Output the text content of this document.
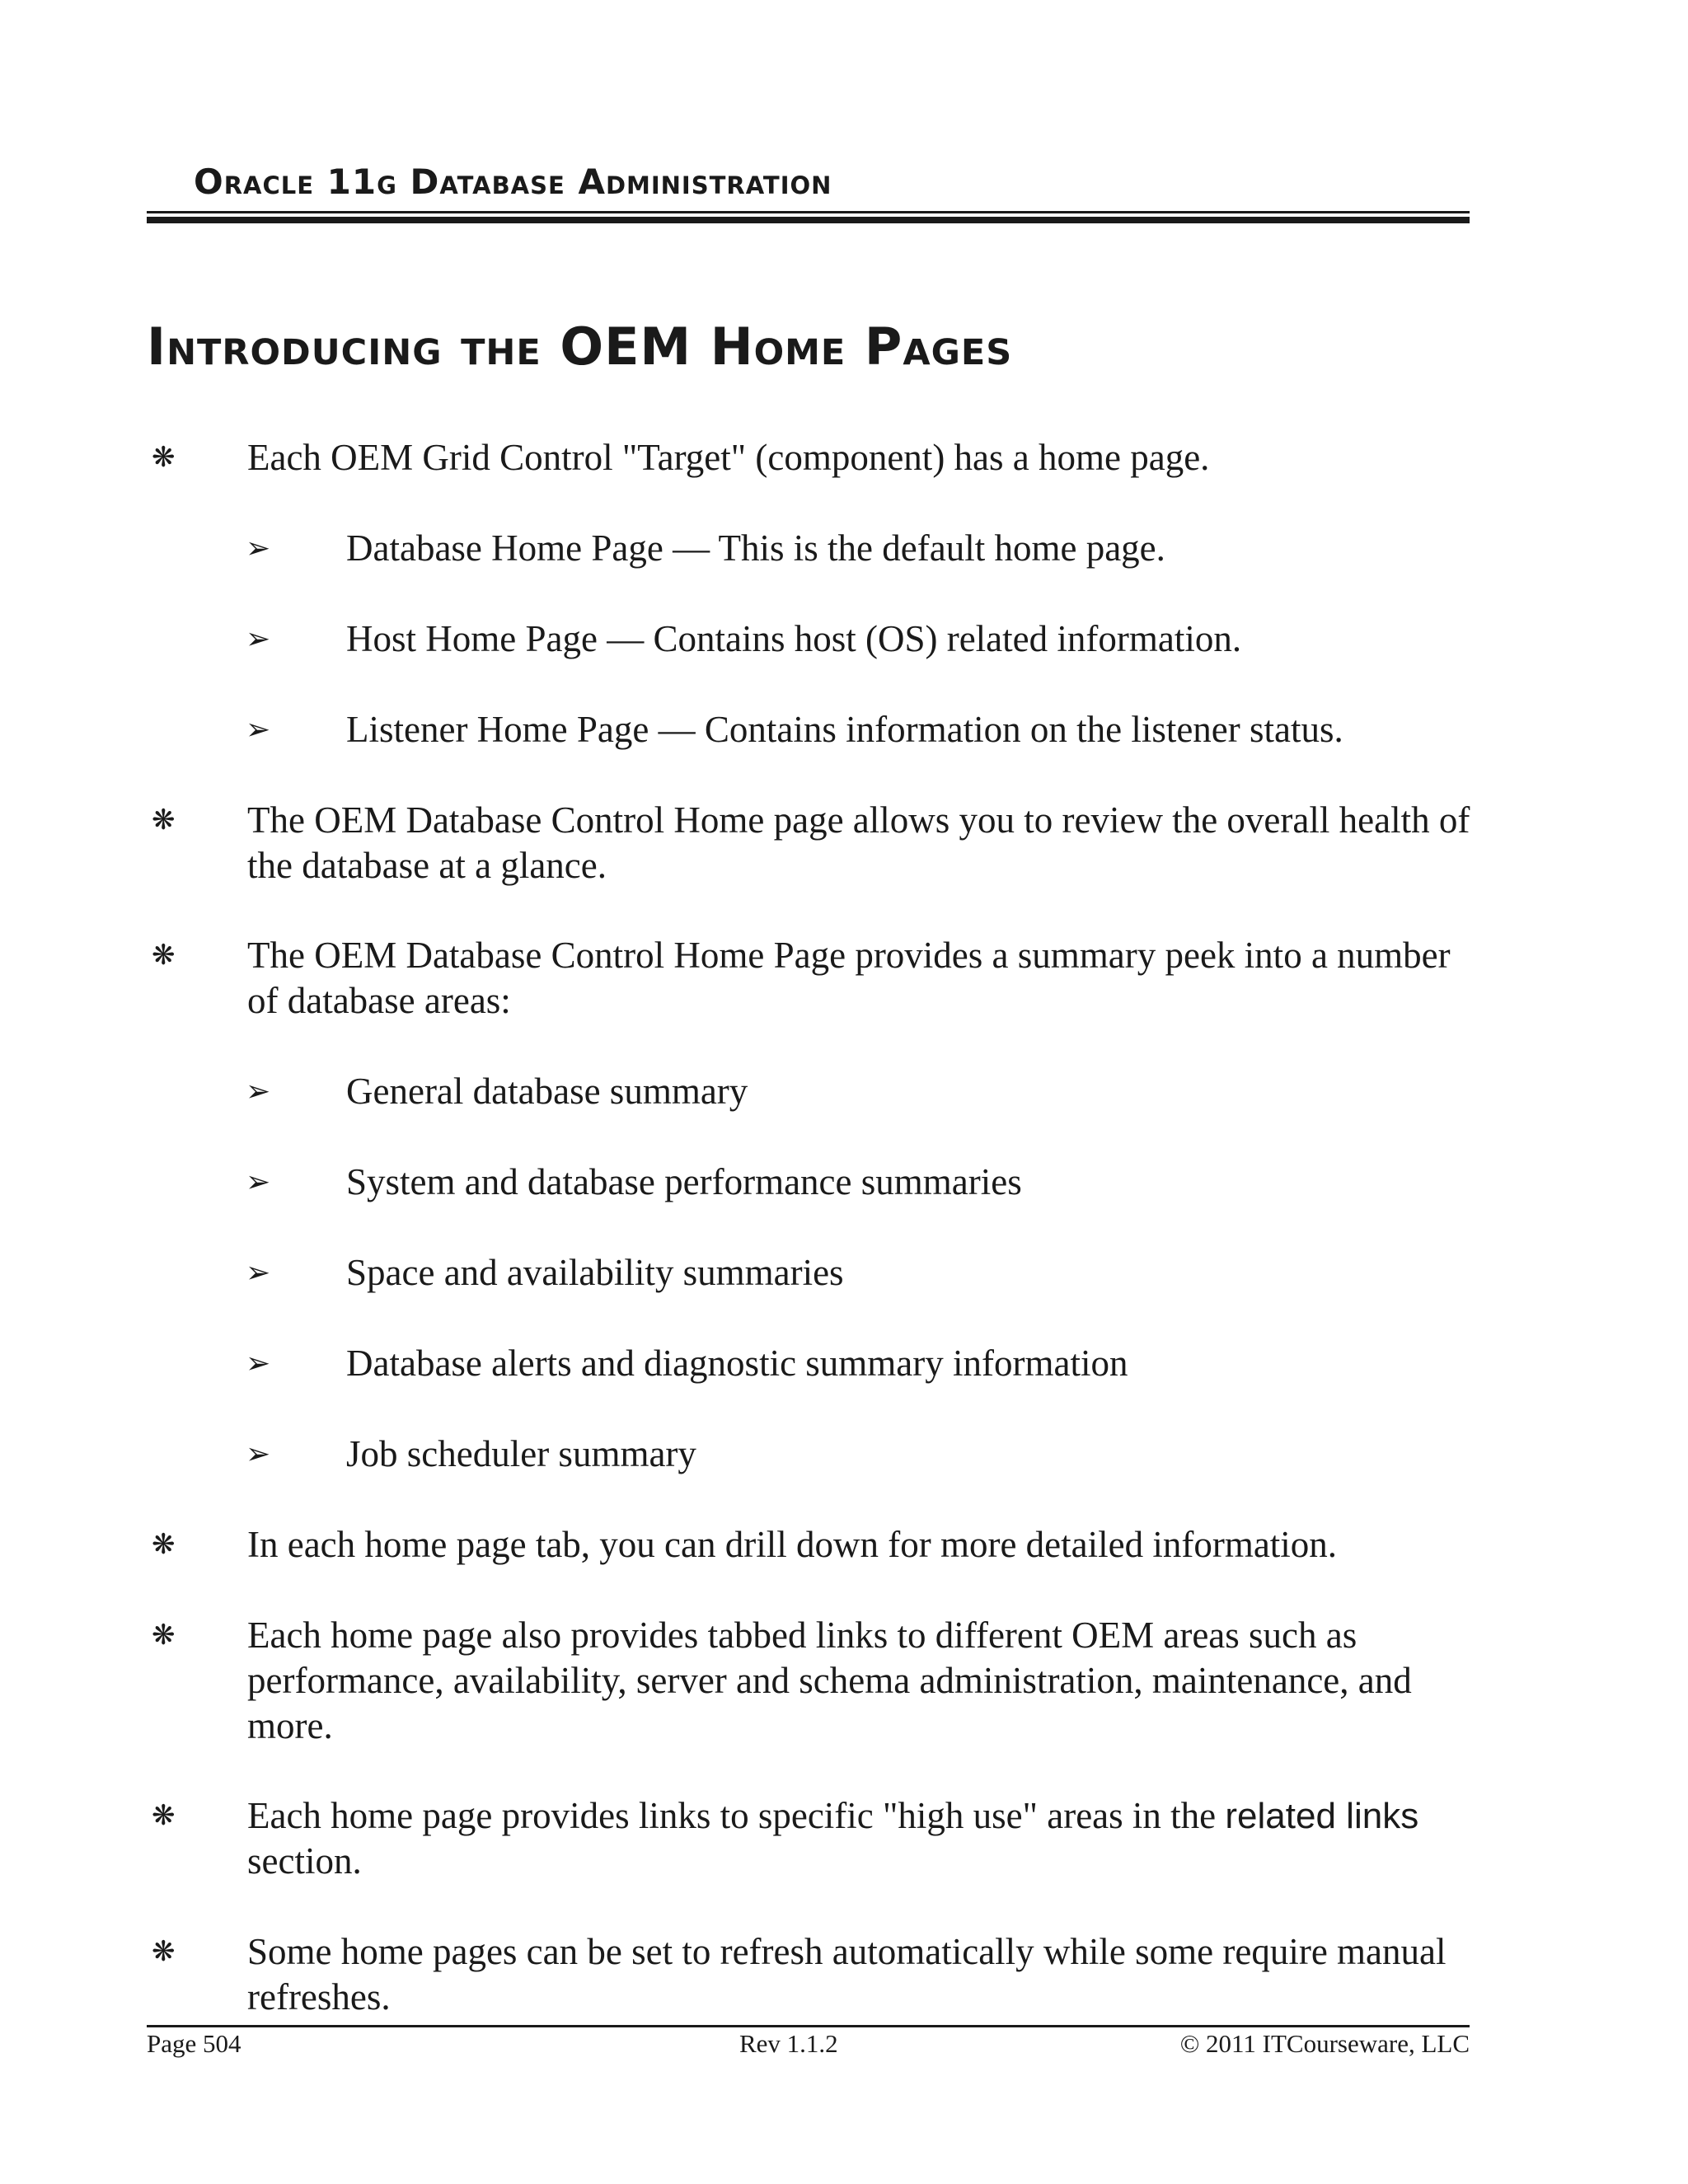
Oracle 11g Database Administration
Introducing the OEM Home Pages
❋ Each OEM Grid Control "Target" (component) has a home page.
➢ Database Home Page — This is the default home page.
➢ Host Home Page — Contains host (OS) related information.
➢ Listener Home Page — Contains information on the listener status.
❋ The OEM Database Control Home page allows you to review the overall health of the database at a glance.
❋ The OEM Database Control Home Page provides a summary peek into a number of database areas:
➢ General database summary
➢ System and database performance summaries
➢ Space and availability summaries
➢ Database alerts and diagnostic summary information
➢ Job scheduler summary
❋ In each home page tab, you can drill down for more detailed information.
❋ Each home page also provides tabbed links to different OEM areas such as performance, availability, server and schema administration, maintenance, and more.
❋ Each home page provides links to specific "high use" areas in the related links section.
❋ Some home pages can be set to refresh automatically while some require manual refreshes.
Page 504	Rev 1.1.2	© 2011 ITCourseware, LLC
